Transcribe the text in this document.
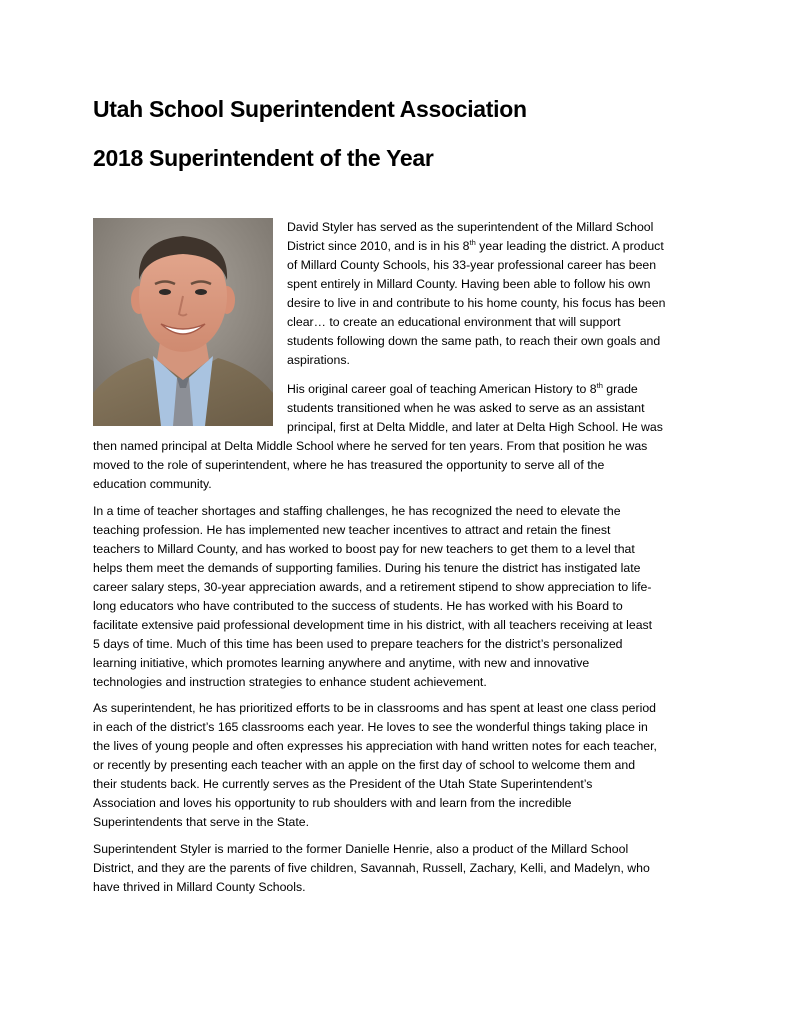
Utah School Superintendent Association
2018 Superintendent of the Year
David Styler has served as the superintendent of the Millard School
District since 2010, and is in his 8th year leading the district. A product
of Millard County Schools, his 33-year professional career has been
spent entirely in Millard County. Having been able to follow his own
desire to live in and contribute to his home county, his focus has been
clear… to create an educational environment that will support
students following down the same path, to reach their own goals and
aspirations.
His original career goal of teaching American History to 8th grade
students transitioned when he was asked to serve as an assistant
principal, first at Delta Middle, and later at Delta High School. He was
then named principal at Delta Middle School where he served for ten years. From that position he was
moved to the role of superintendent, where he has treasured the opportunity to serve all of the
education community.
In a time of teacher shortages and staffing challenges, he has recognized the need to elevate the
teaching profession. He has implemented new teacher incentives to attract and retain the finest
teachers to Millard County, and has worked to boost pay for new teachers to get them to a level that
helps them meet the demands of supporting families. During his tenure the district has instigated late
career salary steps, 30-year appreciation awards, and a retirement stipend to show appreciation to life-
long educators who have contributed to the success of students. He has worked with his Board to
facilitate extensive paid professional development time in his district, with all teachers receiving at least
5 days of time. Much of this time has been used to prepare teachers for the district’s personalized
learning initiative, which promotes learning anywhere and anytime, with new and innovative
technologies and instruction strategies to enhance student achievement.
As superintendent, he has prioritized efforts to be in classrooms and has spent at least one class period
in each of the district’s 165 classrooms each year. He loves to see the wonderful things taking place in
the lives of young people and often expresses his appreciation with hand written notes for each teacher,
or recently by presenting each teacher with an apple on the first day of school to welcome them and
their students back. He currently serves as the President of the Utah State Superintendent’s
Association and loves his opportunity to rub shoulders with and learn from the incredible
Superintendents that serve in the State.
Superintendent Styler is married to the former Danielle Henrie, also a product of the Millard School
District, and they are the parents of five children, Savannah, Russell, Zachary, Kelli, and Madelyn, who
have thrived in Millard County Schools.
